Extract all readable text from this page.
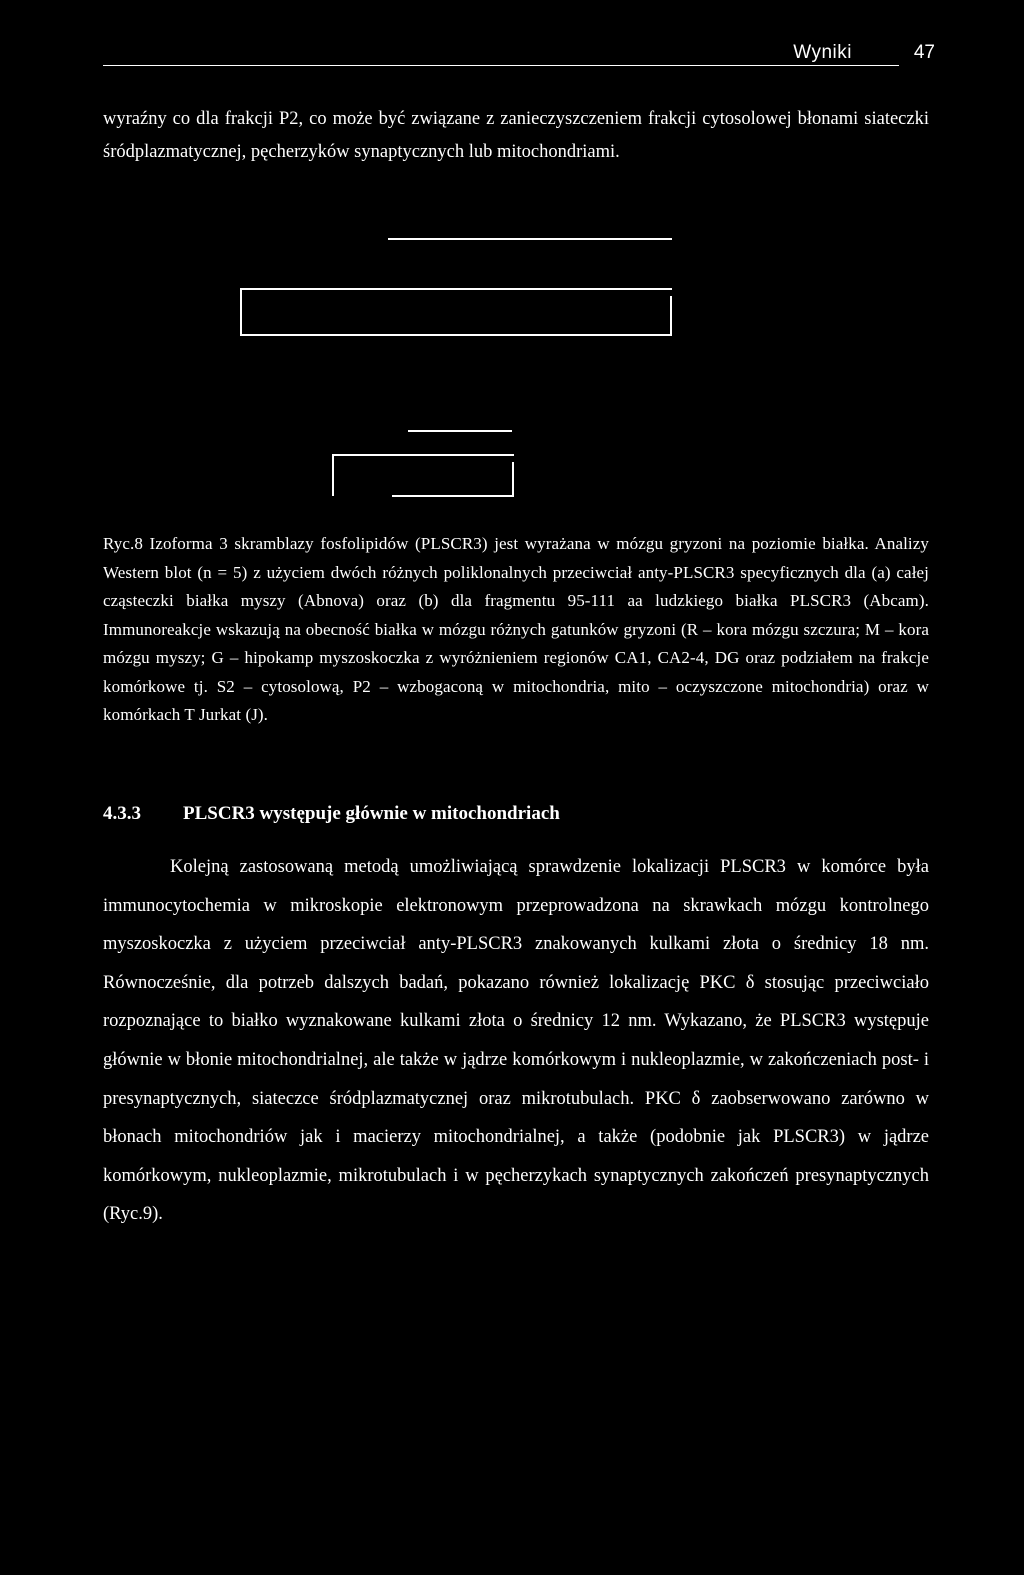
Wyniki	47

wyraźny co dla frakcji P2, co może być związane z zanieczyszczeniem frakcji cytosolowej błonami siateczki śródplazmatycznej, pęcherzyków synaptycznych lub mitochondriami.

Ryc.8 Izoforma 3 skramblazy fosfolipidów (PLSCR3) jest wyrażana w mózgu gryzoni na poziomie białka. Analizy Western blot (n = 5) z użyciem dwóch różnych poliklonalnych przeciwciał anty-PLSCR3 specyficznych dla (a) całej cząsteczki białka myszy (Abnova) oraz (b) dla fragmentu 95-111 aa ludzkiego białka PLSCR3 (Abcam). Immunoreakcje wskazują na obecność białka w mózgu różnych gatunków gryzoni (R – kora mózgu szczura; M – kora mózgu myszy; G – hipokamp myszoskoczka z wyróżnieniem regionów CA1, CA2-4, DG oraz podziałem na frakcje komórkowe tj. S2 – cytosolową, P2 – wzbogaconą w mitochondria, mito – oczyszczone mitochondria) oraz w komórkach T Jurkat (J).

4.3.3 PLSCR3 występuje głównie w mitochondriach

Kolejną zastosowaną metodą umożliwiającą sprawdzenie lokalizacji PLSCR3 w komórce była immunocytochemia w mikroskopie elektronowym przeprowadzona na skrawkach mózgu kontrolnego myszoskoczka z użyciem przeciwciał anty-PLSCR3 znakowanych kulkami złota o średnicy 18 nm. Równocześnie, dla potrzeb dalszych badań, pokazano również lokalizację PKC δ stosując przeciwciało rozpoznające to białko wyznakowane kulkami złota o średnicy 12 nm. Wykazano, że PLSCR3 występuje głównie w błonie mitochondrialnej, ale także w jądrze komórkowym i nukleoplazmie, w zakończeniach post- i presynaptycznych, siateczce śródplazmatycznej oraz mikrotubulach. PKC δ zaobserwowano zarówno w błonach mitochondriów jak i macierzy mitochondrialnej, a także (podobnie jak PLSCR3) w jądrze komórkowym, nukleoplazmie, mikrotubulach i w pęcherzykach synaptycznych zakończeń presynaptycznych (Ryc.9).
